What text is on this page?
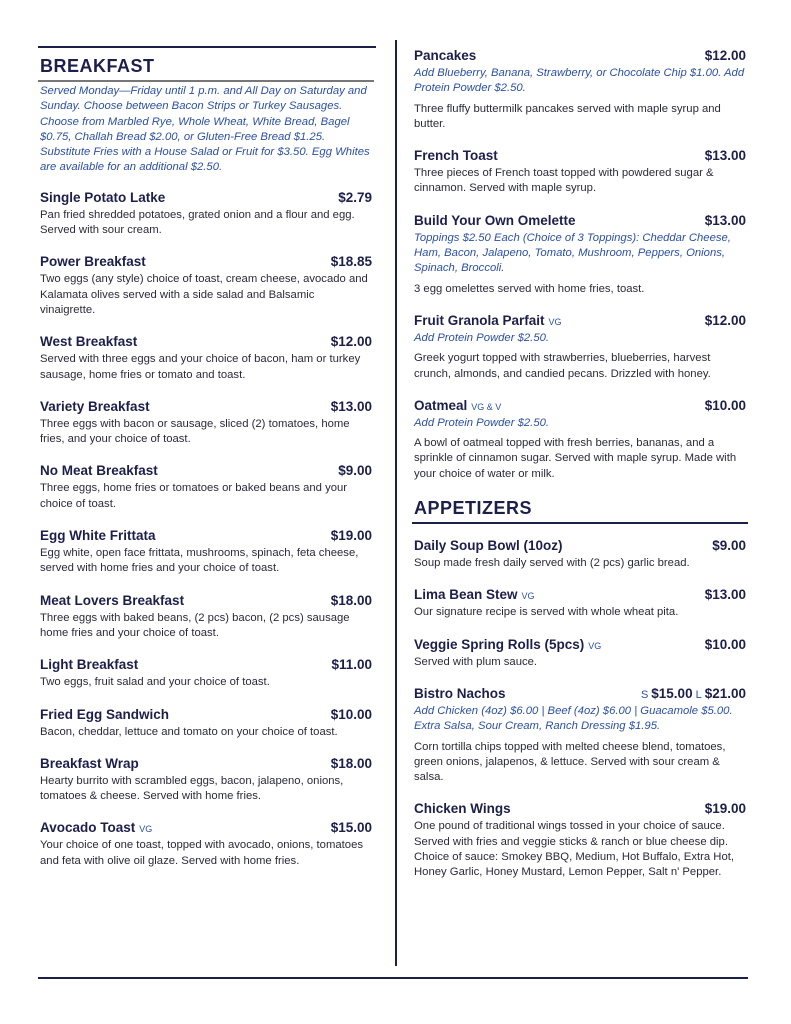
BREAKFAST
Served Monday—Friday until 1 p.m. and All Day on Saturday and Sunday. Choose between Bacon Strips or Turkey Sausages. Choose from Marbled Rye, Whole Wheat, White Bread, Bagel $0.75, Challah Bread $2.00, or Gluten-Free Bread $1.25. Substitute Fries with a House Salad or Fruit for $3.50. Egg Whites are available for an additional $2.50.
Single Potato Latke	$2.79
Pan fried shredded potatoes, grated onion and a flour and egg. Served with sour cream.
Power Breakfast	$18.85
Two eggs (any style) choice of toast, cream cheese, avocado and Kalamata olives served with a side salad and Balsamic vinaigrette.
West Breakfast	$12.00
Served with three eggs and your choice of bacon, ham or turkey sausage, home fries or tomato and toast.
Variety Breakfast	$13.00
Three eggs with bacon or sausage, sliced (2) tomatoes, home fries, and your choice of toast.
No Meat Breakfast	$9.00
Three eggs, home fries or tomatoes or baked beans and your choice of toast.
Egg White Frittata	$19.00
Egg white, open face frittata, mushrooms, spinach, feta cheese, served with home fries and your choice of toast.
Meat Lovers Breakfast	$18.00
Three eggs with baked beans, (2 pcs) bacon, (2 pcs) sausage home fries and your choice of toast.
Light Breakfast	$11.00
Two eggs, fruit salad and your choice of toast.
Fried Egg Sandwich	$10.00
Bacon, cheddar, lettuce and tomato on your choice of toast.
Breakfast Wrap	$18.00
Hearty burrito with scrambled eggs, bacon, jalapeno, onions, tomatoes & cheese. Served with home fries.
Avocado Toast VG	$15.00
Your choice of one toast, topped with avocado, onions, tomatoes and feta with olive oil glaze. Served with home fries.
Pancakes	$12.00
Add Blueberry, Banana, Strawberry, or Chocolate Chip $1.00. Add Protein Powder $2.50.
Three fluffy buttermilk pancakes served with maple syrup and butter.
French Toast	$13.00
Three pieces of French toast topped with powdered sugar & cinnamon. Served with maple syrup.
Build Your Own Omelette	$13.00
Toppings $2.50 Each (Choice of 3 Toppings): Cheddar Cheese, Ham, Bacon, Jalapeno, Tomato, Mushroom, Peppers, Onions, Spinach, Broccoli.
3 egg omelettes served with home fries, toast.
Fruit Granola Parfait VG	$12.00
Add Protein Powder $2.50.
Greek yogurt topped with strawberries, blueberries, harvest crunch, almonds, and candied pecans. Drizzled with honey.
Oatmeal VG & V	$10.00
Add Protein Powder $2.50.
A bowl of oatmeal topped with fresh berries, bananas, and a sprinkle of cinnamon sugar. Served with maple syrup. Made with your choice of water or milk.
APPETIZERS
Daily Soup Bowl (10oz)	$9.00
Soup made fresh daily served with (2 pcs) garlic bread.
Lima Bean Stew VG	$13.00
Our signature recipe is served with whole wheat pita.
Veggie Spring Rolls (5pcs) VG	$10.00
Served with plum sauce.
Bistro Nachos	S $15.00 L $21.00
Add Chicken (4oz) $6.00 | Beef (4oz) $6.00 | Guacamole $5.00. Extra Salsa, Sour Cream, Ranch Dressing $1.95.
Corn tortilla chips topped with melted cheese blend, tomatoes, green onions, jalapenos, & lettuce. Served with sour cream & salsa.
Chicken Wings	$19.00
One pound of traditional wings tossed in your choice of sauce. Served with fries and veggie sticks & ranch or blue cheese dip. Choice of sauce: Smokey BBQ, Medium, Hot Buffalo, Extra Hot, Honey Garlic, Honey Mustard, Lemon Pepper, Salt n' Pepper.
